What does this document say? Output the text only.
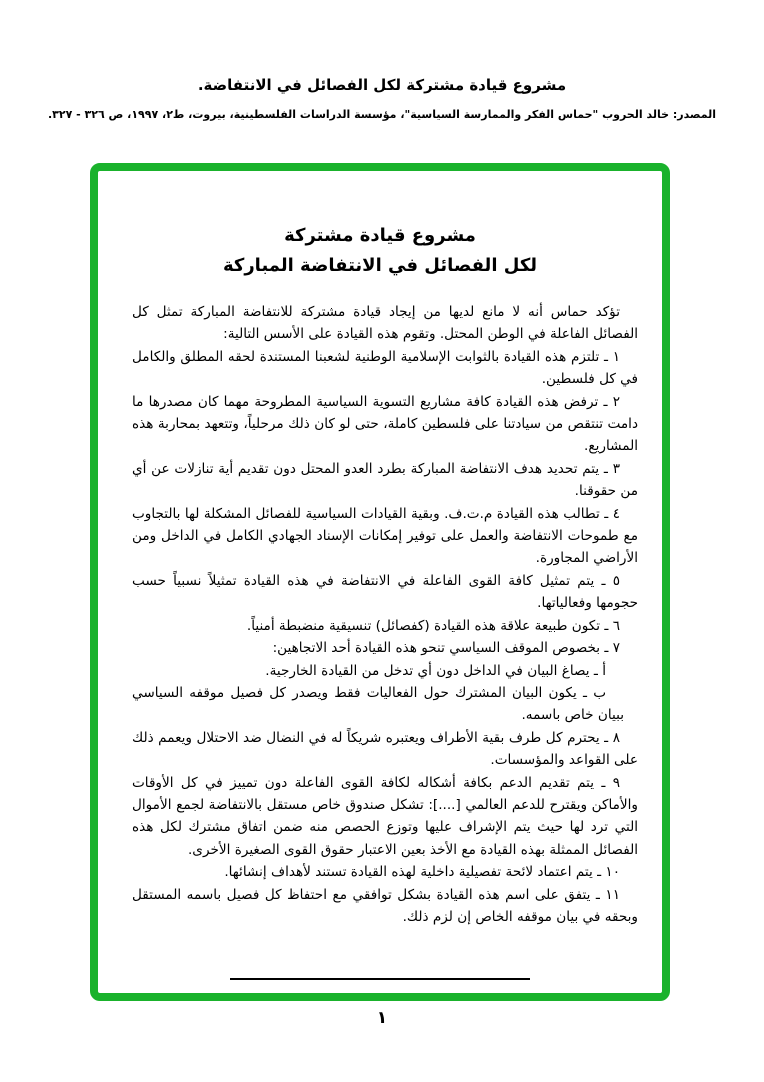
مشروع قيادة مشتركة لكل الفصائل في الانتفاضة.
المصدر: خالد الحروب "حماس الفكر والممارسة السياسية"، مؤسسة الدراسات الفلسطينية، بيروت، ط٢، ١٩٩٧، ص ٣٢٦ - ٣٢٧.
مشروع قيادة مشتركة
لكل الفصائل في الانتفاضة المباركة

تؤكد حماس أنه لا مانع لديها من إيجاد قيادة مشتركة للانتفاضة المباركة تمثل كل الفصائل الفاعلة في الوطن المحتل. وتقوم هذه القيادة على الأسس التالية:

١ ـ تلتزم هذه القيادة بالثوابت الإسلامية الوطنية لشعبنا المستندة لحقه المطلق والكامل في كل فلسطين.

٢ ـ ترفض هذه القيادة كافة مشاريع التسوية السياسية المطروحة مهما كان مصدرها ما دامت تنتقص من سيادتنا على فلسطين كاملة، حتى لو كان ذلك مرحلياً، وتتعهد بمحاربة هذه المشاريع.

٣ ـ يتم تحديد هدف الانتفاضة المباركة بطرد العدو المحتل دون تقديم أية تنازلات عن أي من حقوقنا.

٤ ـ تطالب هذه القيادة م.ت.ف. وبقية القيادات السياسية للفصائل المشكلة لها بالتجاوب مع طموحات الانتفاضة والعمل على توفير إمكانات الإسناد الجهادي الكامل في الداخل ومن الأراضي المجاورة.

٥ ـ يتم تمثيل كافة القوى الفاعلة في الانتفاضة في هذه القيادة تمثيلاً نسبياً حسب حجومها وفعالياتها.

٦ ـ تكون طبيعة علاقة هذه القيادة (كفصائل) تنسيقية منضبطة أمنياً.

٧ ـ بخصوص الموقف السياسي تنحو هذه القيادة أحد الاتجاهين:

أ ـ يصاغ البيان في الداخل دون أي تدخل من القيادة الخارجية.

ب ـ يكون البيان المشترك حول الفعاليات فقط ويصدر كل فصيل موقفه السياسي ببيان خاص باسمه.

٨ ـ يحترم كل طرف بقية الأطراف ويعتبره شريكاً له في النضال ضد الاحتلال ويعمم ذلك على القواعد والمؤسسات.

٩ ـ يتم تقديم الدعم بكافة أشكاله لكافة القوى الفاعلة دون تمييز في كل الأوقات والأماكن ويقترح للدعم العالمي [....]: تشكل صندوق خاص مستقل بالانتفاضة لجمع الأموال التي ترد لها حيث يتم الإشراف عليها وتوزع الحصص منه ضمن اتفاق مشترك لكل هذه الفصائل الممثلة بهذه القيادة مع الأخذ بعين الاعتبار حقوق القوى الصغيرة الأخرى.

١٠ ـ يتم اعتماد لائحة تفصيلية داخلية لهذه القيادة تستند لأهداف إنشائها.

١١ ـ يتفق على اسم هذه القيادة بشكل توافقي مع احتفاظ كل فصيل باسمه المستقل وبحقه في بيان موقفه الخاص إن لزم ذلك.

١
